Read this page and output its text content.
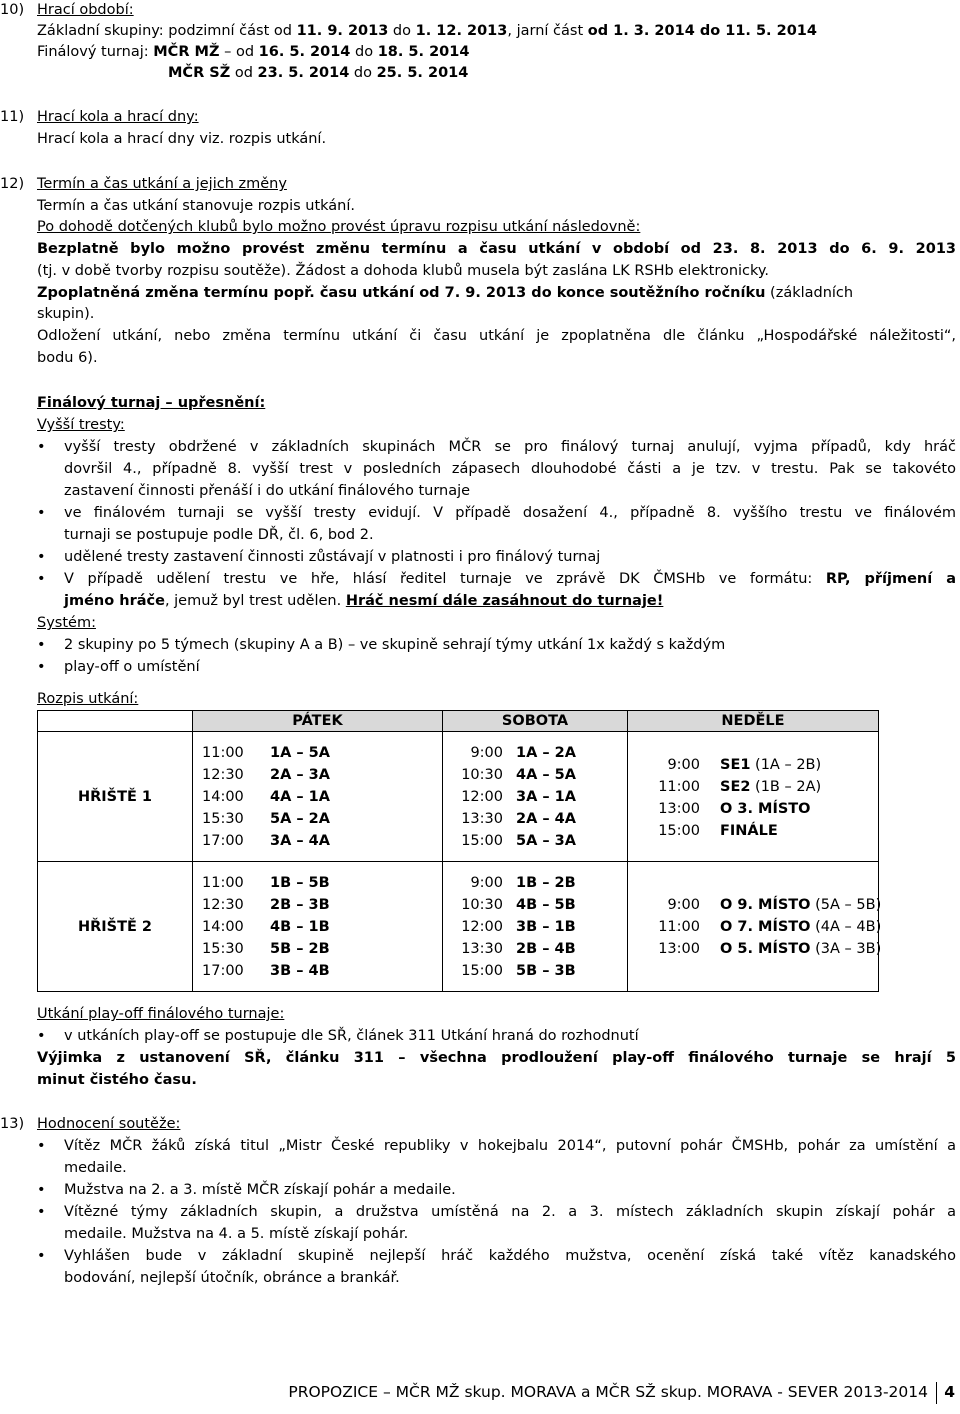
10) Hrací období:
Základní skupiny: podzimní část od 11. 9. 2013 do 1. 12. 2013, jarní část od 1. 3. 2014 do 11. 5. 2014
Finálový turnaj: MČR MŽ – od 16. 5. 2014 do 18. 5. 2014
MČR SŽ od 23. 5. 2014 do 25. 5. 2014
11) Hrací kola a hrací dny:
Hrací kola a hrací dny viz. rozpis utkání.
12) Termín a čas utkání a jejich změny
Termín a čas utkání stanovuje rozpis utkání.
Po dohodě dotčených klubů bylo možno provést úpravu rozpisu utkání následovně:
Bezplatně bylo možno provést změnu termínu a času utkání v období od 23. 8. 2013 do 6. 9. 2013
(tj. v době tvorby rozpisu soutěže). Žádost a dohoda klubů musela být zaslána LK RSHb elektronicky.
Zpoplatněná změna termínu popř. času utkání od 7. 9. 2013 do konce soutěžního ročníku (základních
skupin).
Odložení utkání, nebo změna termínu utkání či času utkání je zpoplatněna dle článku „Hospodářské náležitosti“,
bodu 6).
Finálový turnaj – upřesnění:
Vyšší tresty:
• vyšší tresty obdržené v základních skupinách MČR se pro finálový turnaj anulují, vyjma případů, kdy hráč
dovršil 4., případně 8. vyšší trest v posledních zápasech dlouhodobé části a je tzv. v trestu. Pak se takovéto
zastavení činnosti přenáší i do utkání finálového turnaje
• ve finálovém turnaji se vyšší tresty evidují. V případě dosažení 4., případně 8. vyššího trestu ve finálovém
turnaji se postupuje podle DŘ, čl. 6, bod 2.
• udělené tresty zastavení činnosti zůstávají v platnosti i pro finálový turnaj
• V případě udělení trestu ve hře, hlásí ředitel turnaje ve zprávě DK ČMSHb ve formátu: RP, příjmení a
jméno hráče, jemuž byl trest udělen. Hráč nesmí dále zasáhnout do turnaje!
Systém:
• 2 skupiny po 5 týmech (skupiny A a B) – ve skupině sehrají týmy utkání 1x každý s každým
• play-off o umístění
Rozpis utkání:
PÁTEK	SOBOTA	NEDĚLE
HŘIŠTĚ 1
11:00
12:30
14:00
15:30
17:00
1A – 5A
2A – 3A
4A – 1A
5A – 2A
3A – 4A
9:00
10:30
12:00
13:30
15:00
1A – 2A
4A – 5A
3A – 1A
2A – 4A
5A – 3A
9:00
11:00
13:00
15:00
SE1 (1A – 2B)
SE2 (1B – 2A)
O 3. MÍSTO
FINÁLE
HŘIŠTĚ 2
11:00
12:30
14:00
15:30
17:00
1B – 5B
2B – 3B
4B – 1B
5B – 2B
3B – 4B
9:00
10:30
12:00
13:30
15:00
1B – 2B
4B – 5B
3B – 1B
2B – 4B
5B – 3B
9:00
11:00
13:00
O 9. MÍSTO (5A – 5B)
O 7. MÍSTO (4A – 4B)
O 5. MÍSTO (3A – 3B)
Utkání play-off finálového turnaje:
• v utkáních play-off se postupuje dle SŘ, článek 311 Utkání hraná do rozhodnutí
Výjimka z ustanovení SŘ, článku 311 – všechna prodloužení play-off finálového turnaje se hrají 5
minut čistého času.
13) Hodnocení soutěže:
• Vítěz MČR žáků získá titul „Mistr České republiky v hokejbalu 2014“, putovní pohár ČMSHb, pohár za umístění a
medaile.
• Mužstva na 2. a 3. místě MČR získají pohár a medaile.
• Vítězné týmy základních skupin, a družstva umístěná na 2. a 3. místech základních skupin získají pohár a
medaile. Mužstva na 4. a 5. místě získají pohár.
• Vyhlášen bude v základní skupině nejlepší hráč každého mužstva, ocenění získá také vítěz kanadského
bodování, nejlepší útočník, obránce a brankář.
PROPOZICE – MČR MŽ skup. MORAVA a MČR SŽ skup. MORAVA - SEVER 2013-2014 4
